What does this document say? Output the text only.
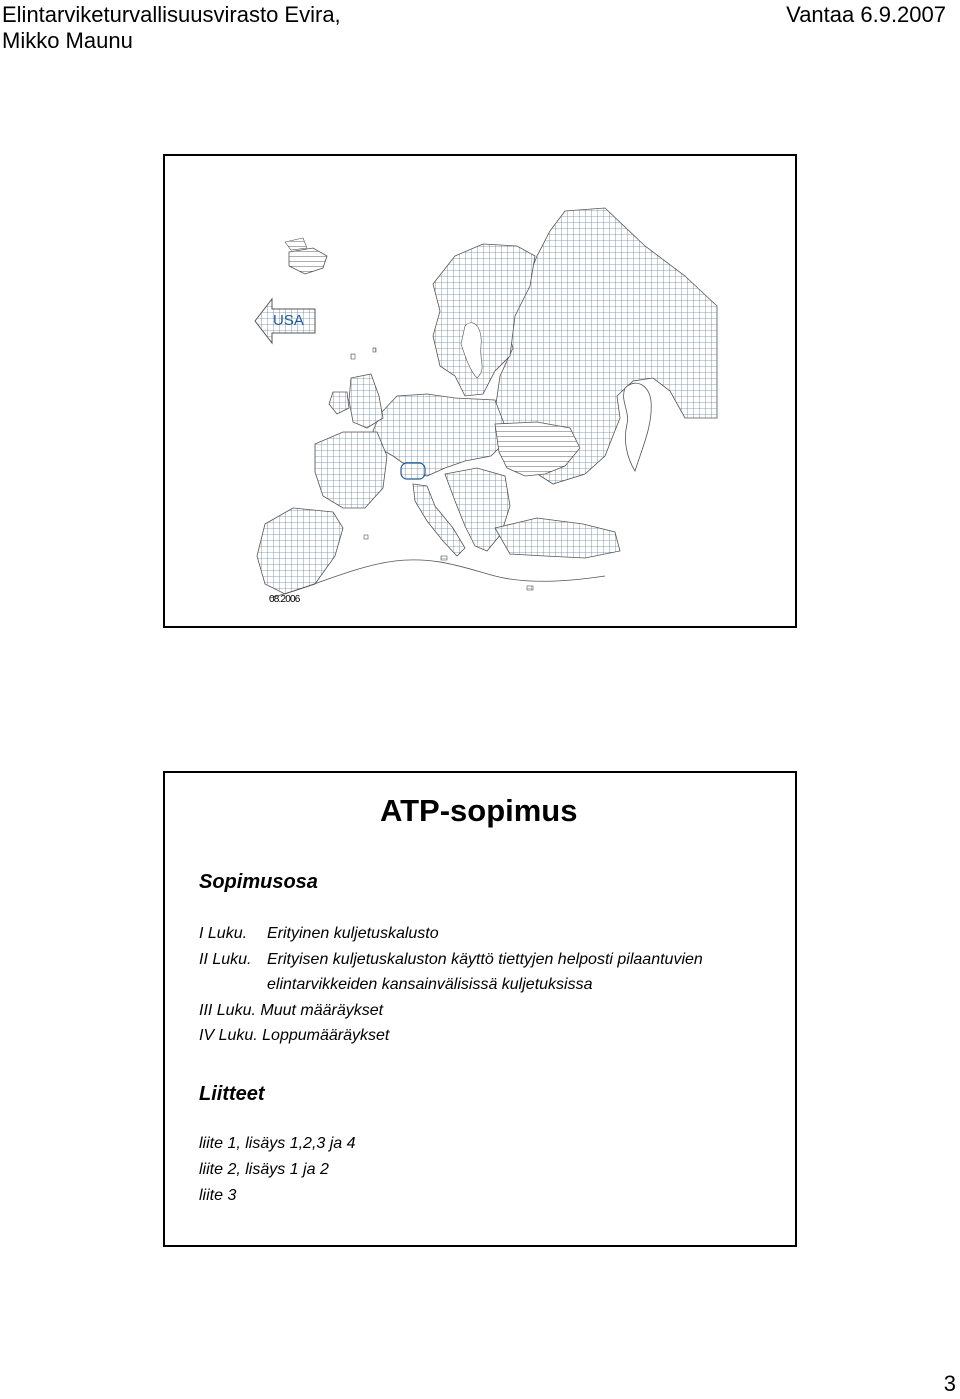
Elintarviketurvallisuusvirasto Evira,
Mikko Maunu
Vantaa 6.9.2007
USA
08.2006
ATP-sopimus
Sopimusosa
I Luku. Erityinen kuljetuskalusto
II Luku. Erityisen kuljetuskaluston käyttö tiettyjen helposti pilaantuvien
elintarvikkeiden kansainvälisissä kuljetuksissa
III Luku. Muut määräykset
IV Luku. Loppumääräykset
Liitteet
liite 1, lisäys 1,2,3 ja 4
liite 2, lisäys 1 ja 2
liite 3
3
